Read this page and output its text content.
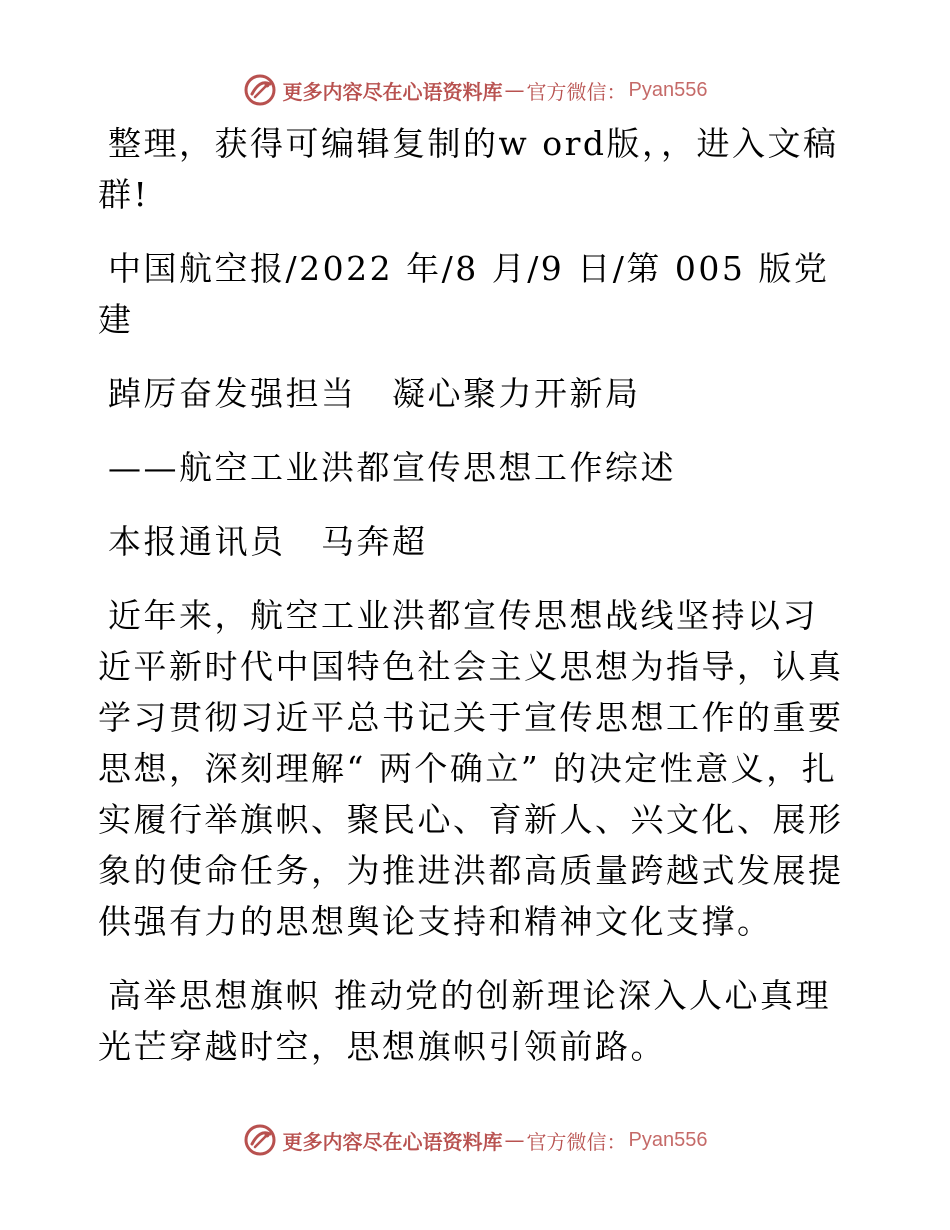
更多内容尽在心语资料库 — 官方微信： Pyan556

整理，获得可编辑复制的w ord版，，进入文稿群!

中国航空报/2022 年/8 月/9 日/第 005 版党建

踔厉奋发强担当　凝心聚力开新局

——航空工业洪都宣传思想工作综述

本报通讯员　马奔超

近年来，航空工业洪都宣传思想战线坚持以习近平新时代中国特色社会主义思想为指导，认真学习贯彻习近平总书记关于宣传思想工作的重要思想，深刻理解“ 两个确立” 的决定性意义，扎实履行举旗帜、聚民心、育新人、兴文化、展形象的使命任务，为推进洪都高质量跨越式发展提供强有力的思想舆论支持和精神文化支撑。

高举思想旗帜 推动党的创新理论深入人心真理光芒穿越时空，思想旗帜引领前路。

更多内容尽在心语资料库 — 官方微信： Pyan556
